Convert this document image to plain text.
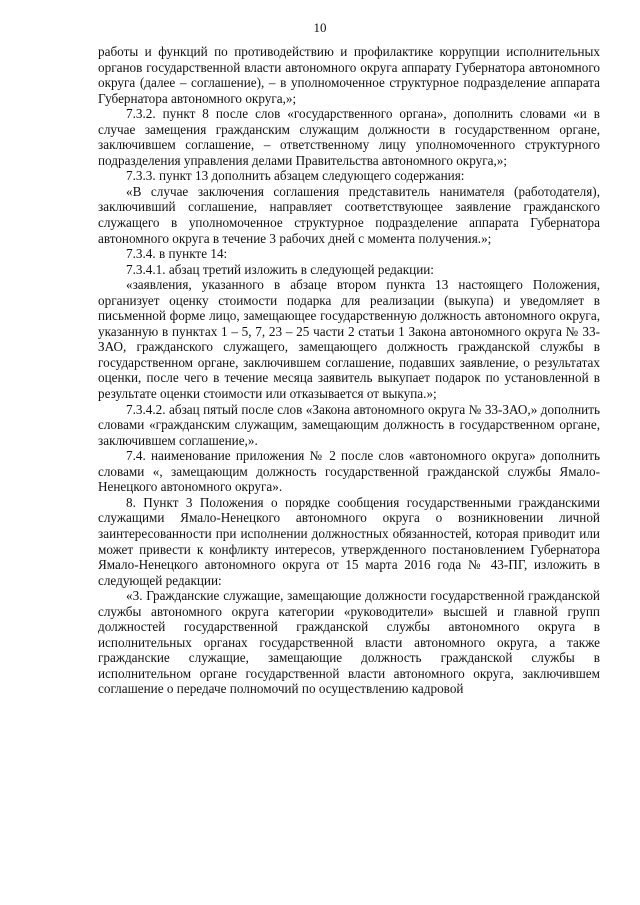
10

работы и функций по противодействию и профилактике коррупции исполнительных органов государственной власти автономного округа аппарату Губернатора автономного округа (далее – соглашение), – в уполномоченное структурное подразделение аппарата Губернатора автономного округа,»;

7.3.2. пункт 8 после слов «государственного органа», дополнить словами «и в случае замещения гражданским служащим должности в государственном органе, заключившем соглашение, – ответственному лицу уполномоченного структурного подразделения управления делами Правительства автономного округа,»;

7.3.3. пункт 13 дополнить абзацем следующего содержания:

«В случае заключения соглашения представитель нанимателя (работодателя), заключивший соглашение, направляет соответствующее заявление гражданского служащего в уполномоченное структурное подразделение аппарата Губернатора автономного округа в течение 3 рабочих дней с момента получения.»;

7.3.4. в пункте 14:

7.3.4.1. абзац третий изложить в следующей редакции:

«заявления, указанного в абзаце втором пункта 13 настоящего Положения, организует оценку стоимости подарка для реализации (выкупа) и уведомляет в письменной форме лицо, замещающее государственную должность автономного округа, указанную в пунктах 1 – 5, 7, 23 – 25 части 2 статьи 1 Закона автономного округа № 33-ЗАО, гражданского служащего, замещающего должность гражданской службы в государственном органе, заключившем соглашение, подавших заявление, о результатах оценки, после чего в течение месяца заявитель выкупает подарок по установленной в результате оценки стоимости или отказывается от выкупа.»;

7.3.4.2. абзац пятый после слов «Закона автономного округа № 33-ЗАО,» дополнить словами «гражданским служащим, замещающим должность в государственном органе, заключившем соглашение,».

7.4. наименование приложения № 2 после слов «автономного округа» дополнить словами «, замещающим должность государственной гражданской службы Ямало-Ненецкого автономного округа».

8. Пункт 3 Положения о порядке сообщения государственными гражданскими служащими Ямало-Ненецкого автономного округа о возникновении личной заинтересованности при исполнении должностных обязанностей, которая приводит или может привести к конфликту интересов, утвержденного постановлением Губернатора Ямало-Ненецкого автономного округа от 15 марта 2016 года № 43-ПГ, изложить в следующей редакции:

«3. Гражданские служащие, замещающие должности государственной гражданской службы автономного округа категории «руководители» высшей и главной групп должностей государственной гражданской службы автономного округа в исполнительных органах государственной власти автономного округа, а также гражданские служащие, замещающие должность гражданской службы в исполнительном органе государственной власти автономного округа, заключившем соглашение о передаче полномочий по осуществлению кадровой
